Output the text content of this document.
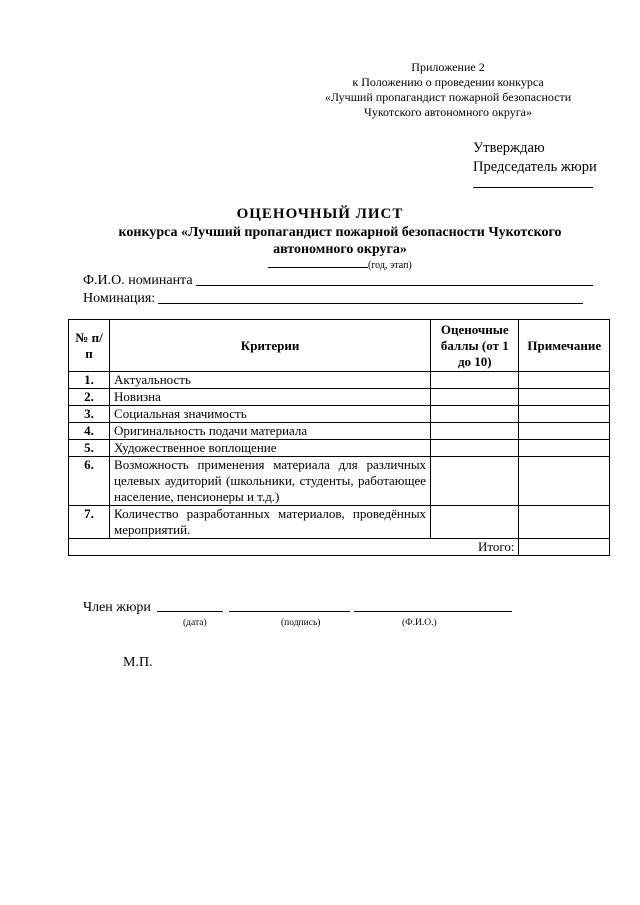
Приложение 2
к Положению о проведении конкурса
«Лучший пропагандист пожарной безопасности
Чукотского автономного округа»
Утверждаю
Председатель жюри
ОЦЕНОЧНЫЙ ЛИСТ
конкурса «Лучший пропагандист пожарной безопасности Чукотского
автономного округа»
(год, этап)
Ф.И.О. номинанта
Номинация:
№ п/п	Критерии	Оценочные баллы (от 1 до 10)	Примечание
1.	Актуальность		
2.	Новизна		
3.	Социальная значимость		
4.	Оригинальность подачи материала		
5.	Художественное воплощение		
6.	Возможность применения материала для различных целевых аудиторий (школьники, студенты, работающее население, пенсионеры и т.д.)		
7.	Количество разработанных материалов, проведённых мероприятий.		
Итого:			
Член жюри
(дата)	(подпись)	(Ф.И.О.)
М.П.
